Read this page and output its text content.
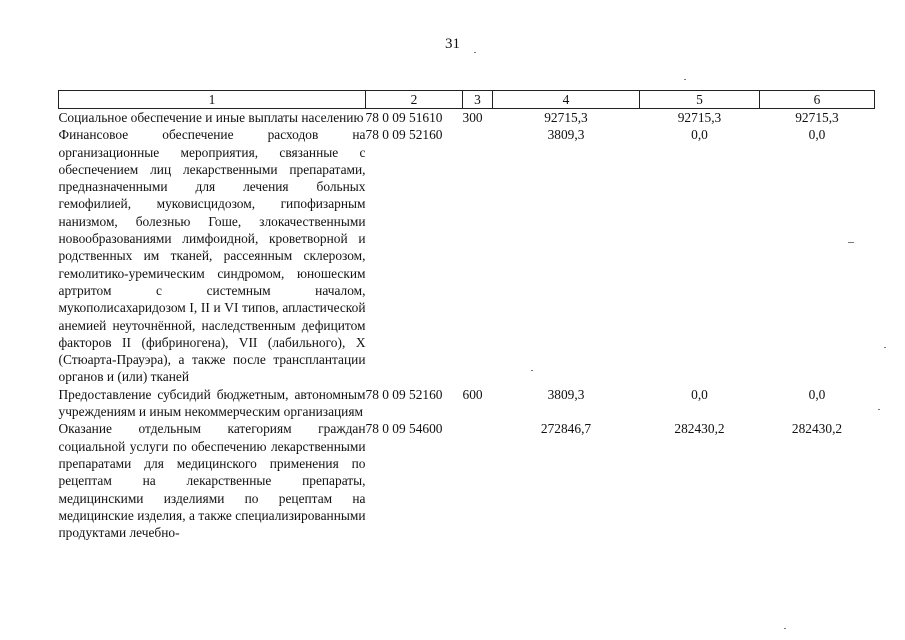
31
1	2	3	4	5	6
Социальное обеспечение и иные выплаты населению	78 0 09 51610	300	92715,3	92715,3	92715,3
Финансовое обеспечение расходов на организационные мероприятия, связанные с обеспечением лиц лекарственными препаратами, предназначенными для лечения больных гемофилией, муковисцидозом, гипофизарным нанизмом, болезнью Гоше, злокачественными новообразованиями лимфоидной, кроветворной и родственных им тканей, рассеянным склерозом, гемолитико-уремическим синдромом, юношеским артритом с системным началом, мукополисахаридозом I, II и VI типов, апластической анемией неуточнённой, наследственным дефицитом факторов II (фибриногена), VII (лабильного), X (Стюарта-Прауэра), а также после трансплантации органов и (или) тканей	78 0 09 52160		3809,3	0,0	0,0
Предоставление субсидий бюджетным, автономным учреждениям и иным некоммерческим организациям	78 0 09 52160	600	3809,3	0,0	0,0
Оказание отдельным категориям граждан социальной услуги по обеспечению лекарственными препаратами для медицинского применения по рецептам на лекарственные препараты, медицинскими изделиями по рецептам на медицинские изделия, а также специализированными продуктами лечебно-	78 0 09 54600		272846,7	282430,2	282430,2
